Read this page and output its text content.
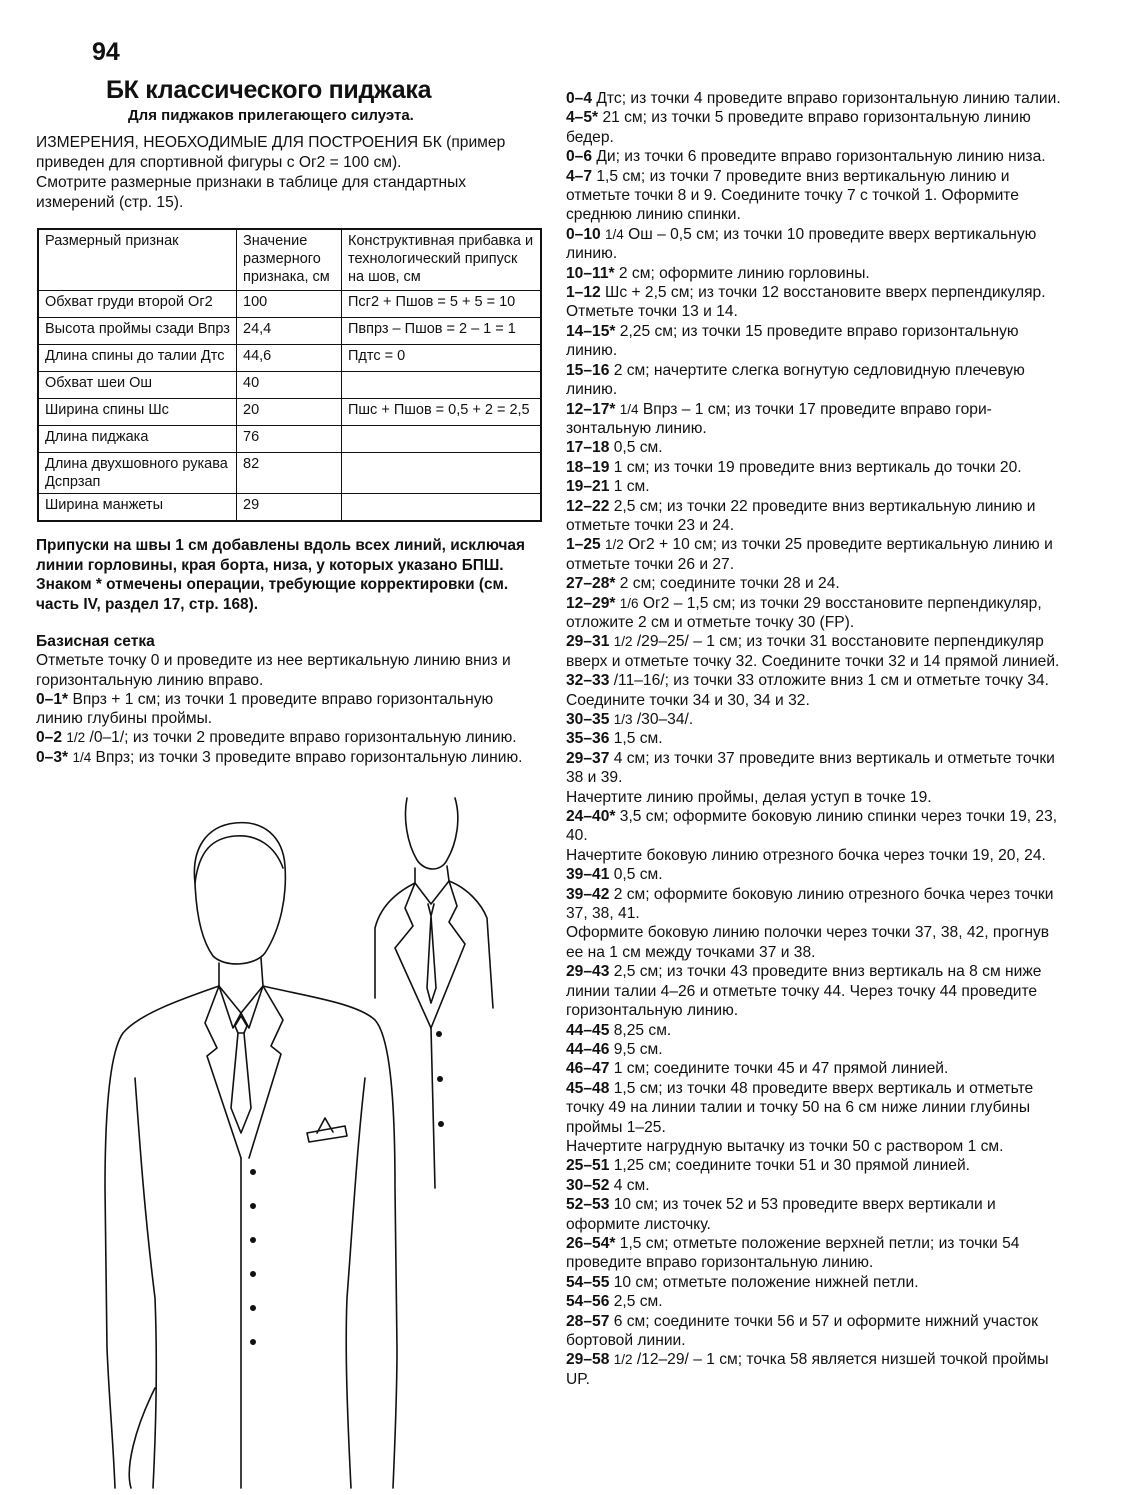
94
БК классического пиджака
Для пиджаков прилегающего силуэта.
ИЗМЕРЕНИЯ, НЕОБХОДИМЫЕ ДЛЯ ПОСТРОЕНИЯ БК (пример
приведен для спортивной фигуры с Ог2 = 100 см).
Смотрите размерные признаки в таблице для стандартных
измерений (стр. 15).
Размерный признак	Значение размерного признака, см	Конструктивная прибавка и технологический припуск на шов, см
Обхват груди второй Ог2	100	Псг2 + Пшов = 5 + 5 = 10
Высота проймы сзади Впрз	24,4	Пвпрз – Пшов = 2 – 1 = 1
Длина спины до талии Дтс	44,6	Пдтс = 0
Обхват шеи Ош	40	
Ширина спины Шс	20	Пшс + Пшов = 0,5 + 2 = 2,5
Длина пиджака	76	
Длина двухшовного рукава Дспрзап	82	
Ширина манжеты	29	
Припуски на швы 1 см добавлены вдоль всех линий, исключая линии горловины, края борта, низа, у которых указано БПШ. Знаком * отмечены операции, требующие корректировки (см. часть IV, раздел 17, стр. 168).
Базисная сетка
Отметьте точку 0 и проведите из нее вертикальную линию вниз и горизонтальную линию вправо.
0–1* Впрз + 1 см; из точки 1 проведите вправо горизонтальную линию глубины проймы.
0–2 1/2 /0–1/; из точки 2 проведите вправо горизонтальную линию.
0–3* 1/4 Впрз; из точки 3 проведите вправо горизонтальную линию.
0–4 Дтс; из точки 4 проведите вправо горизонтальную линию талии.
4–5* 21 см; из точки 5 проведите вправо горизонтальную линию бедер.
0–6 Ди; из точки 6 проведите вправо горизонтальную линию низа.
4–7 1,5 см; из точки 7 проведите вниз вертикальную линию и отметьте точки 8 и 9. Соедините точку 7 с точкой 1. Оформите среднюю линию спинки.
0–10 1/4 Ош – 0,5 см; из точки 10 проведите вверх вертикальную линию.
10–11* 2 см; оформите линию горловины.
1–12 Шс + 2,5 см; из точки 12 восстановите вверх перпендикуляр. Отметьте точки 13 и 14.
14–15* 2,25 см; из точки 15 проведите вправо горизонтальную линию.
15–16 2 см; начертите слегка вогнутую седловидную плечевую линию.
12–17* 1/4 Впрз – 1 см; из точки 17 проведите вправо горизонтальную линию.
17–18 0,5 см.
18–19 1 см; из точки 19 проведите вниз вертикаль до точки 20.
19–21 1 см.
12–22 2,5 см; из точки 22 проведите вниз вертикальную линию и отметьте точки 23 и 24.
1–25 1/2 Ог2 + 10 см; из точки 25 проведите вертикальную линию и отметьте точки 26 и 27.
27–28* 2 см; соедините точки 28 и 24.
12–29* 1/6 Ог2 – 1,5 см; из точки 29 восстановите перпендикуляр, отложите 2 см и отметьте точку 30 (FP).
29–31 1/2 /29–25/ – 1 см; из точки 31 восстановите перпендикуляр вверх и отметьте точку 32. Соедините точки 32 и 14 прямой линией.
32–33 /11–16/; из точки 33 отложите вниз 1 см и отметьте точку 34. Соедините точки 34 и 30, 34 и 32.
30–35 1/3 /30–34/.
35–36 1,5 см.
29–37 4 см; из точки 37 проведите вниз вертикаль и отметьте точки 38 и 39.
Начертите линию проймы, делая уступ в точке 19.
24–40* 3,5 см; оформите боковую линию спинки через точки 19, 23, 40.
Начертите боковую линию отрезного бочка через точки 19, 20, 24.
39–41 0,5 см.
39–42 2 см; оформите боковую линию отрезного бочка через точки 37, 38, 41.
Оформите боковую линию полочки через точки 37, 38, 42, прогнув ее на 1 см между точками 37 и 38.
29–43 2,5 см; из точки 43 проведите вниз вертикаль на 8 см ниже линии талии 4–26 и отметьте точку 44. Через точку 44 проведите горизонтальную линию.
44–45 8,25 см.
44–46 9,5 см.
46–47 1 см; соедините точки 45 и 47 прямой линией.
45–48 1,5 см; из точки 48 проведите вверх вертикаль и отметьте точку 49 на линии талии и точку 50 на 6 см ниже линии глубины проймы 1–25.
Начертите нагрудную вытачку из точки 50 с раствором 1 см.
25–51 1,25 см; соедините точки 51 и 30 прямой линией.
30–52 4 см.
52–53 10 см; из точек 52 и 53 проведите вверх вертикали и оформите листочку.
26–54* 1,5 см; отметьте положение верхней петли; из точки 54 проведите вправо горизонтальную линию.
54–55 10 см; отметьте положение нижней петли.
54–56 2,5 см.
28–57 6 см; соедините точки 56 и 57 и оформите нижний участок бортовой линии.
29–58 1/2 /12–29/ – 1 см; точка 58 является низшей точкой проймы UP.
